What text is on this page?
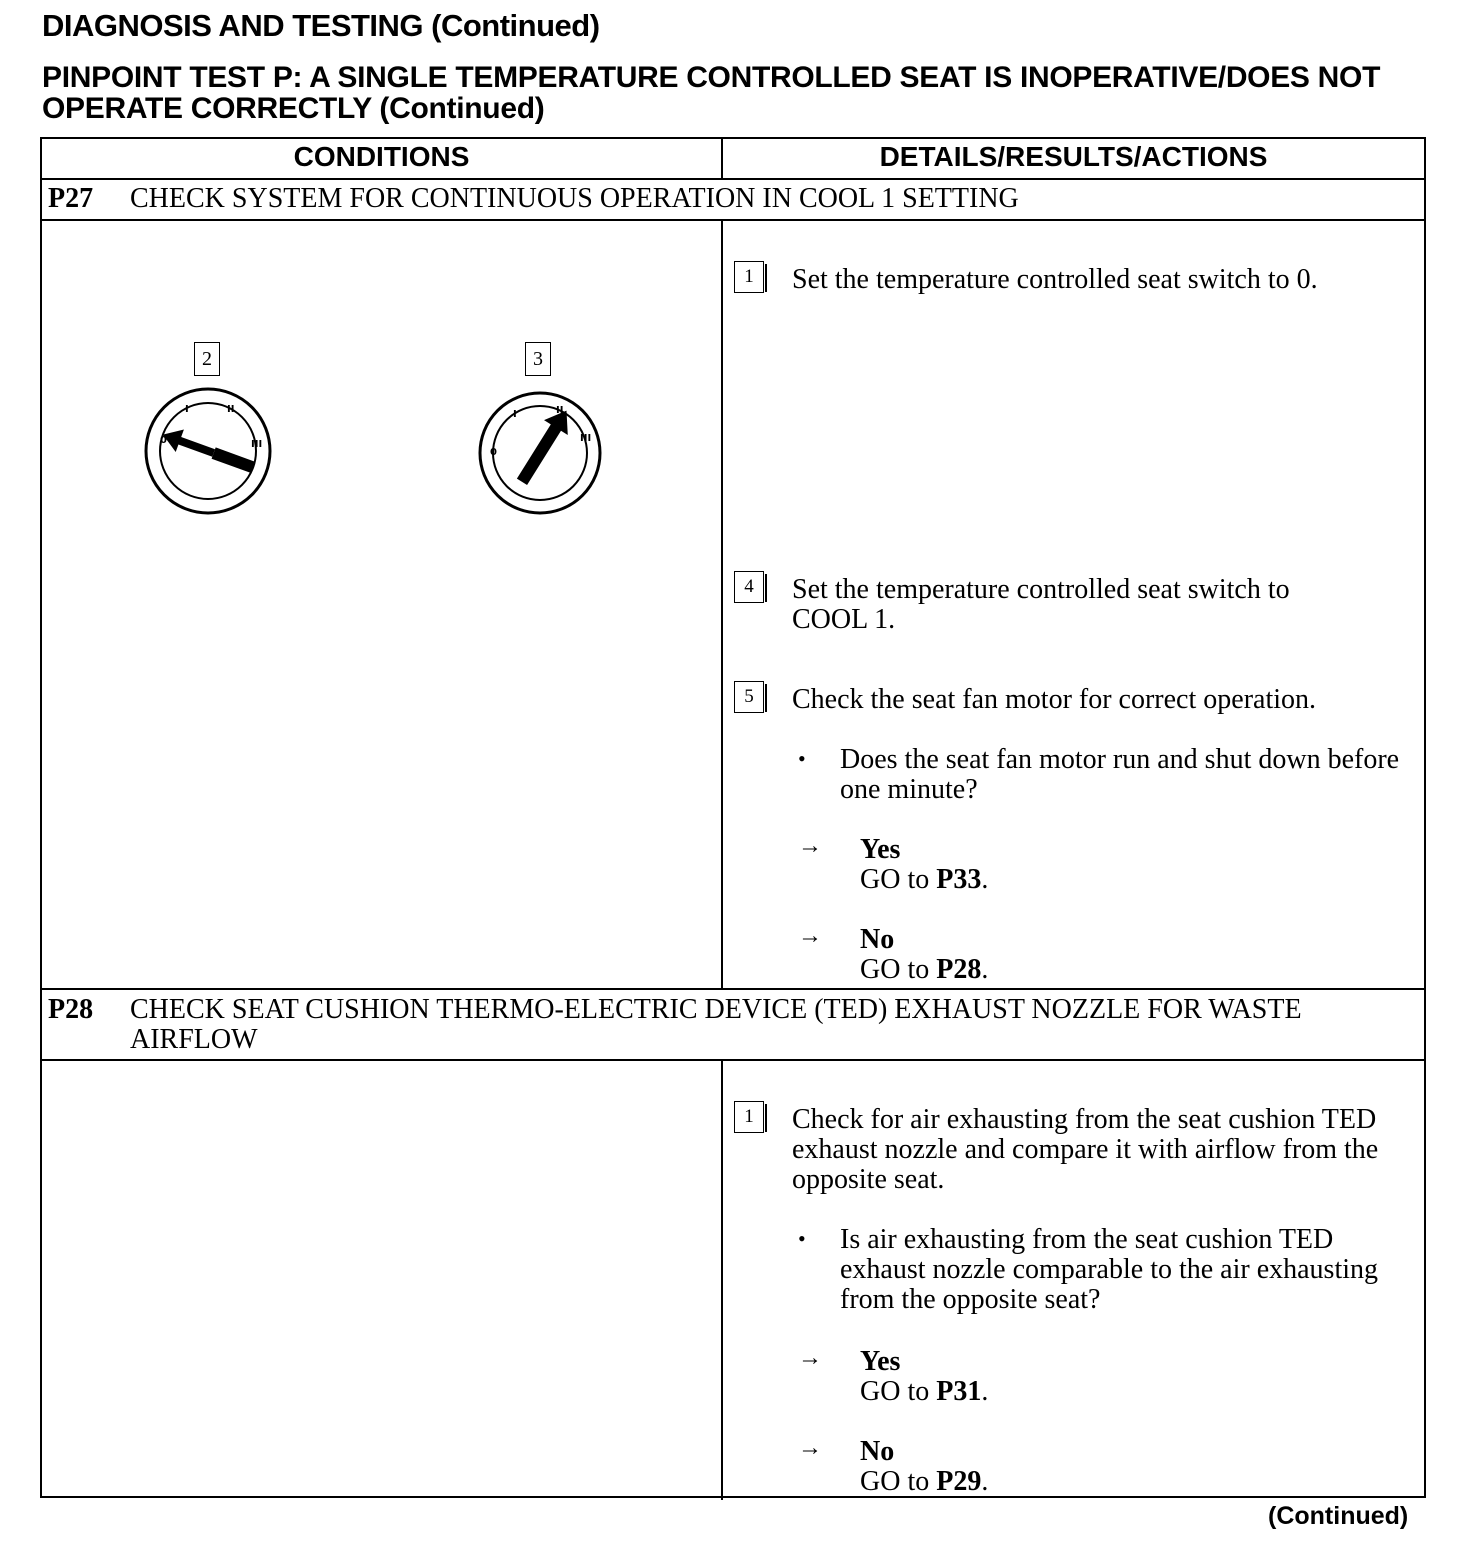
DIAGNOSIS AND TESTING (Continued)
PINPOINT TEST P: A SINGLE TEMPERATURE CONTROLLED SEAT IS INOPERATIVE/DOES NOT OPERATE CORRECTLY (Continued)
CONDITIONS	DETAILS/RESULTS/ACTIONS
P27	CHECK SYSTEM FOR CONTINUOUS OPERATION IN COOL 1 SETTING
2	3
0
I	II
III
0
I	II
III
1	Set the temperature controlled seat switch to 0.
4	Set the temperature controlled seat switch to COOL 1.
5	Check the seat fan motor for correct operation.
• Does the seat fan motor run and shut down before one minute?
→ Yes
GO to P33.
→ No
GO to P28.
P28	CHECK SEAT CUSHION THERMO-ELECTRIC DEVICE (TED) EXHAUST NOZZLE FOR WASTE AIRFLOW
1	Check for air exhausting from the seat cushion TED exhaust nozzle and compare it with airflow from the opposite seat.
• Is air exhausting from the seat cushion TED exhaust nozzle comparable to the air exhausting from the opposite seat?
→ Yes
GO to P31.
→ No
GO to P29.
(Continued)
